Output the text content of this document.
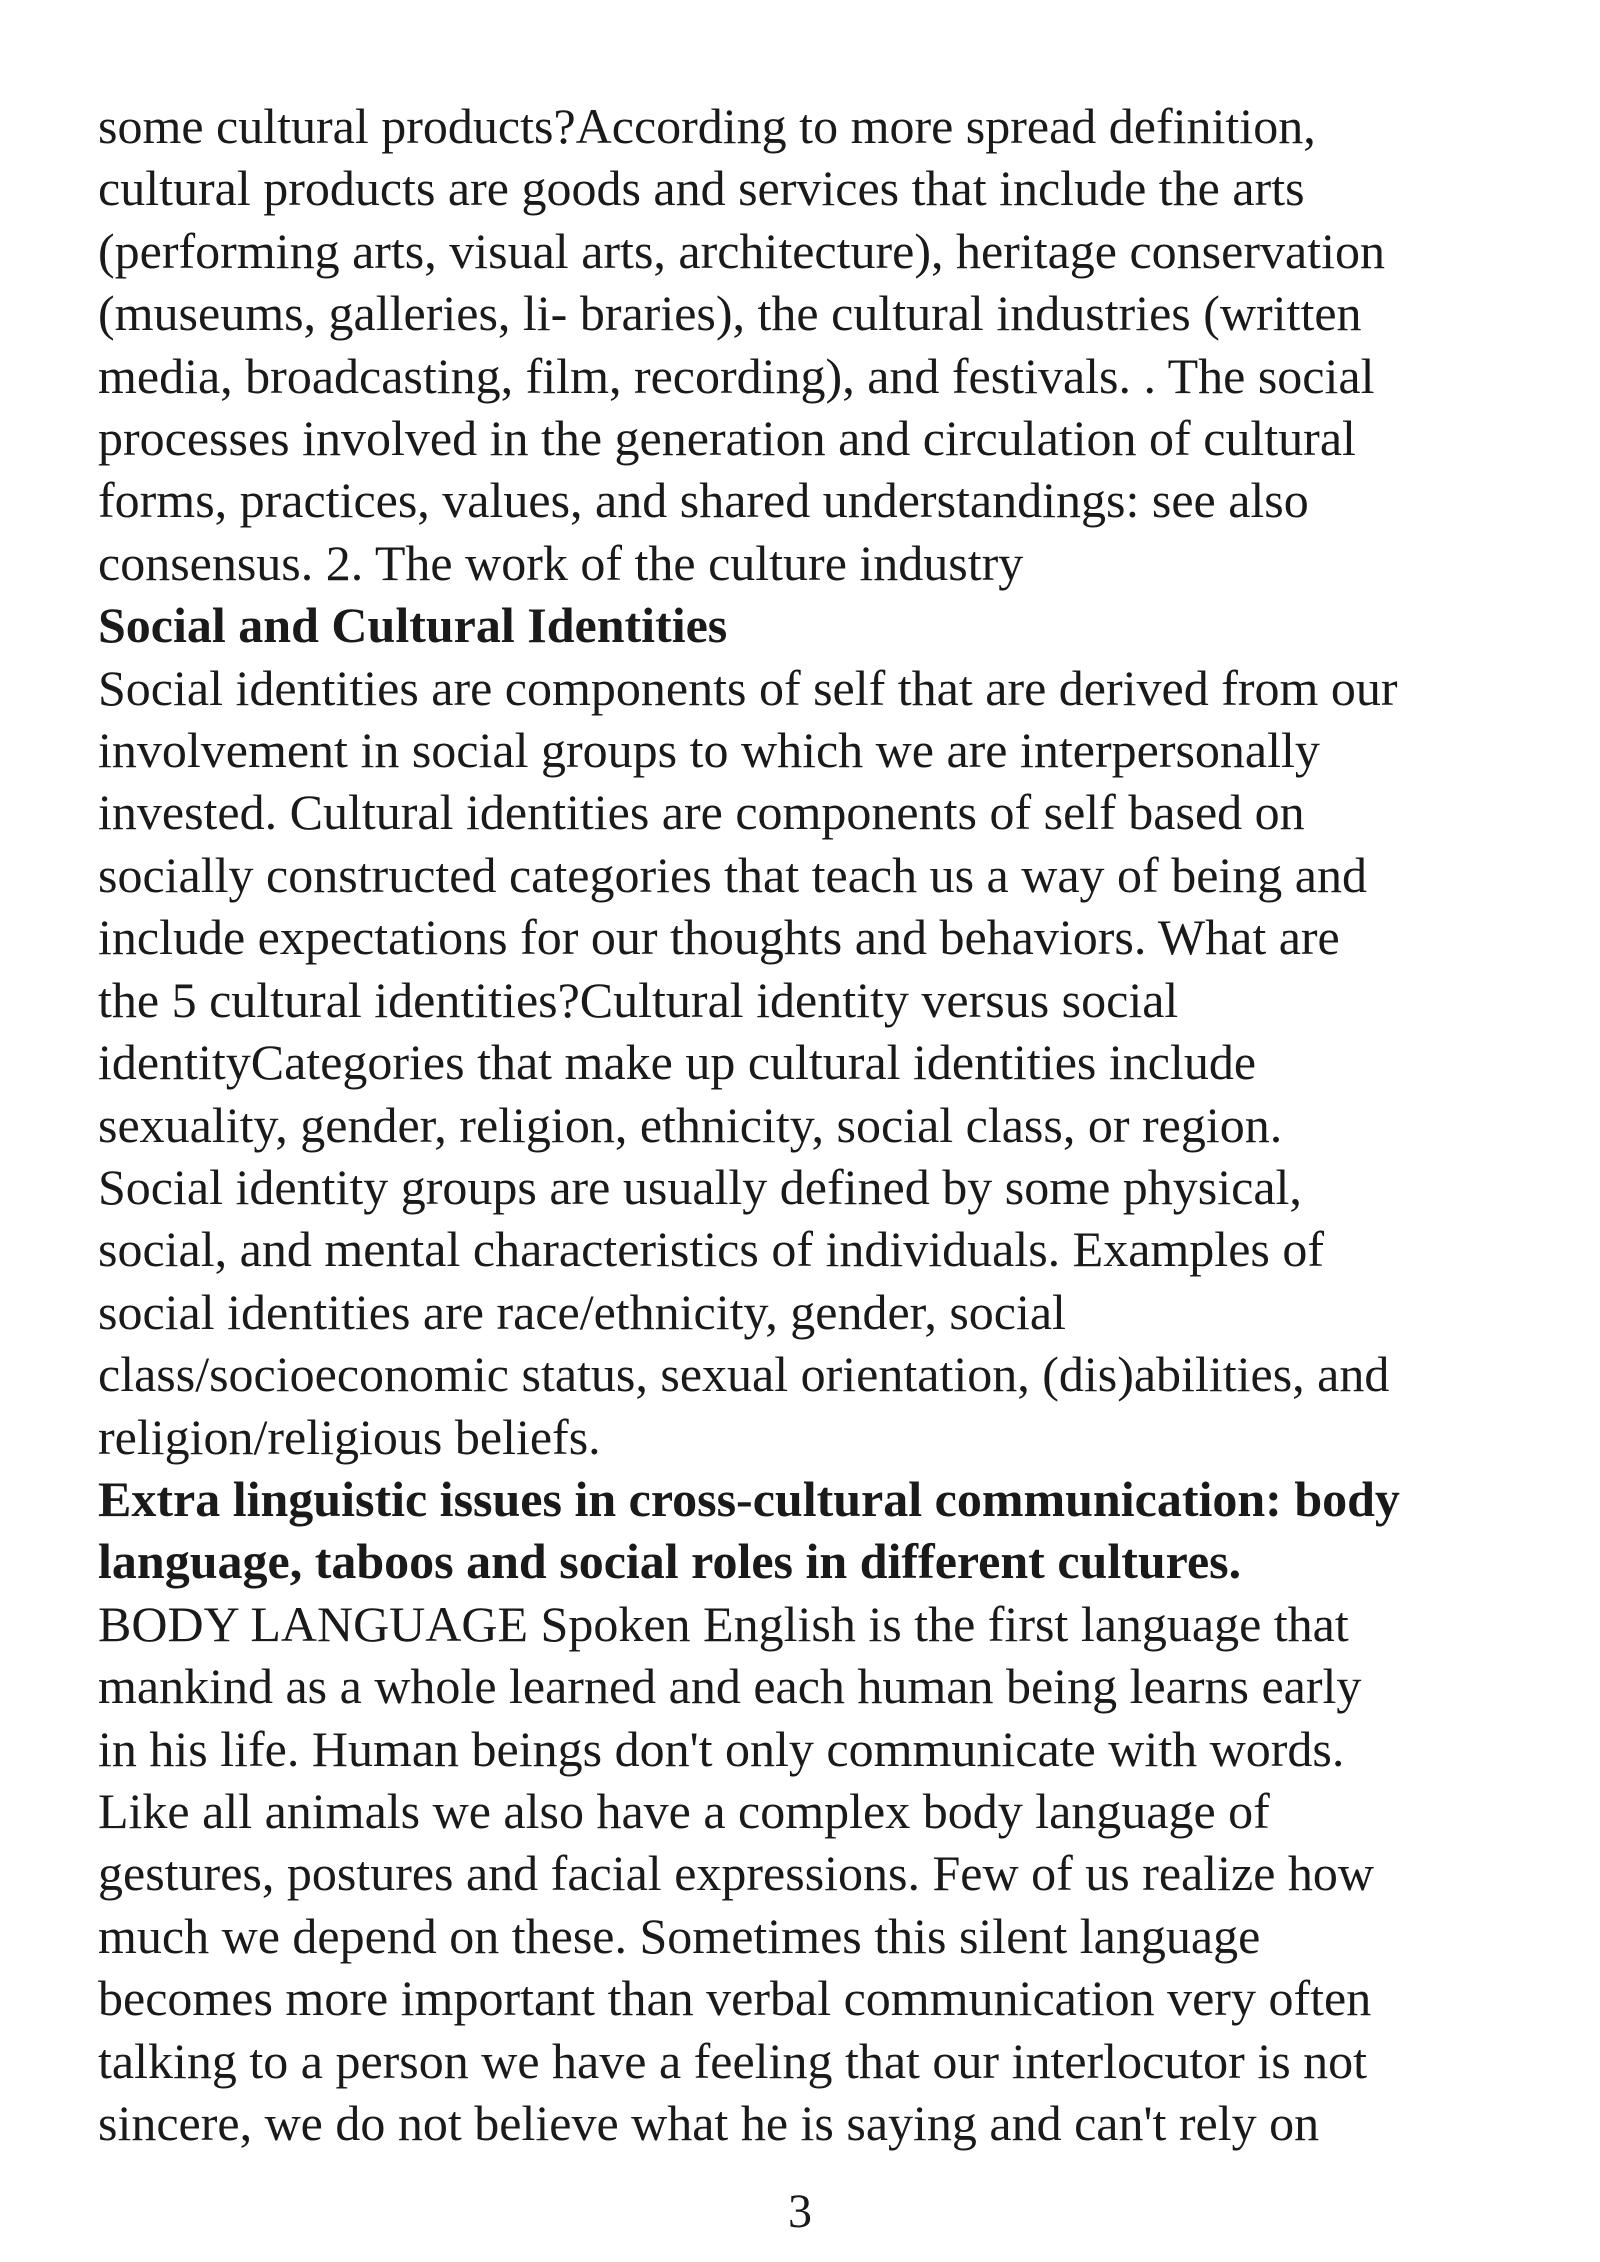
some cultural products?According to more spread definition,
cultural products are goods and services that include the arts
(performing arts, visual arts, architecture), heritage conservation
(museums, galleries, li- braries), the cultural industries (written
media, broadcasting, film, recording), and festivals. . The social
processes involved in the generation and circulation of cultural
forms, practices, values, and shared understandings: see also
consensus. 2. The work of the culture industry
Social and Cultural Identities
Social identities are components of self that are derived from our
involvement in social groups to which we are interpersonally
invested. Cultural identities are components of self based on
socially constructed categories that teach us a way of being and
include expectations for our thoughts and behaviors. What are
the 5 cultural identities?Cultural identity versus social
identityCategories that make up cultural identities include
sexuality, gender, religion, ethnicity, social class, or region.
Social identity groups are usually defined by some physical,
social, and mental characteristics of individuals. Examples of
social identities are race/ethnicity, gender, social
class/socioeconomic status, sexual orientation, (dis)abilities, and
religion/religious beliefs.
Extra linguistic issues in cross-cultural communication: body
language, taboos and social roles in different cultures.
BODY LANGUAGE Spoken English is the first language that
mankind as a whole learned and each human being learns early
in his life. Human beings don't only communicate with words.
Like all animals we also have a complex body language of
gestures, postures and facial expressions. Few of us realize how
much we depend on these. Sometimes this silent language
becomes more important than verbal communication very often
talking to a person we have a feeling that our interlocutor is not
sincere, we do not believe what he is saying and can't rely on
3
